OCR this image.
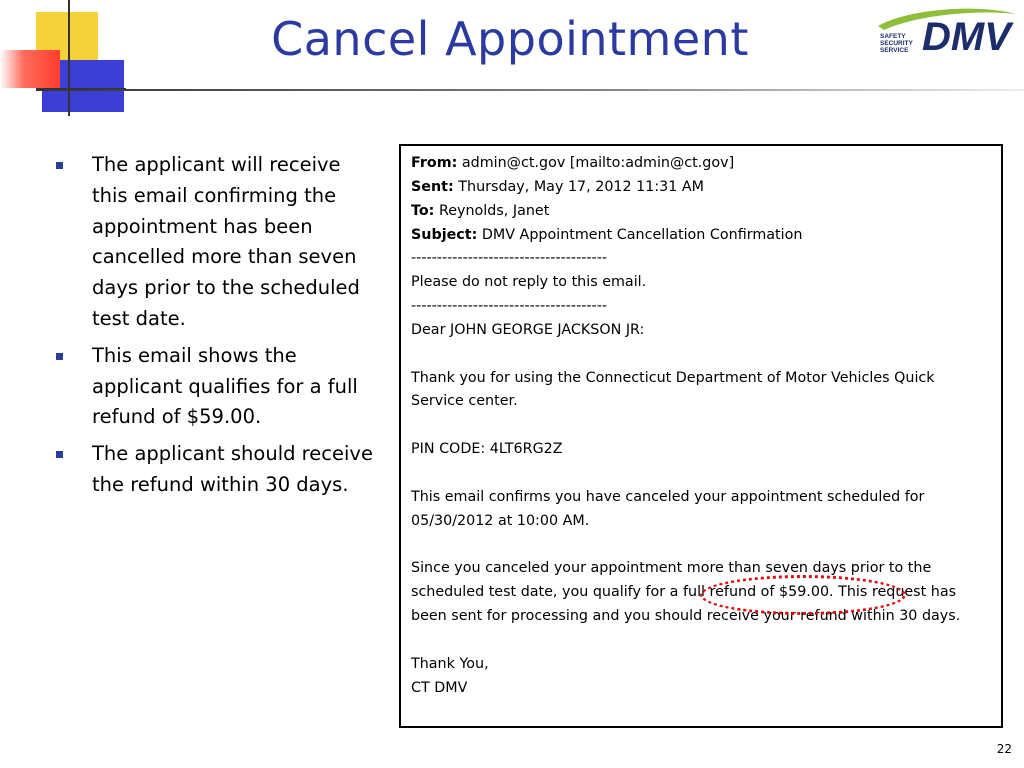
Cancel Appointment	SAFETY
SECURITY
SERVICE DMV
The applicant will receive this email confirming the appointment has been cancelled more than seven days prior to the scheduled test date.
This email shows the applicant qualifies for a full refund of $59.00.
The applicant should receive the refund within 30 days.
From: admin@ct.gov [mailto:admin@ct.gov]
Sent: Thursday, May 17, 2012 11:31 AM
To: Reynolds, Janet
Subject: DMV Appointment Cancellation Confirmation
--------------------------------------
Please do not reply to this email.
--------------------------------------
Dear JOHN GEORGE JACKSON JR:
Thank you for using the Connecticut Department of Motor Vehicles Quick Service center.
PIN CODE: 4LT6RG2Z
This email confirms you have canceled your appointment scheduled for 05/30/2012 at 10:00 AM.
Since you canceled your appointment more than seven days prior to the scheduled test date, you qualify for a full refund of $59.00. This request has been sent for processing and you should receive your refund within 30 days.
Thank You,
CT DMV
22
